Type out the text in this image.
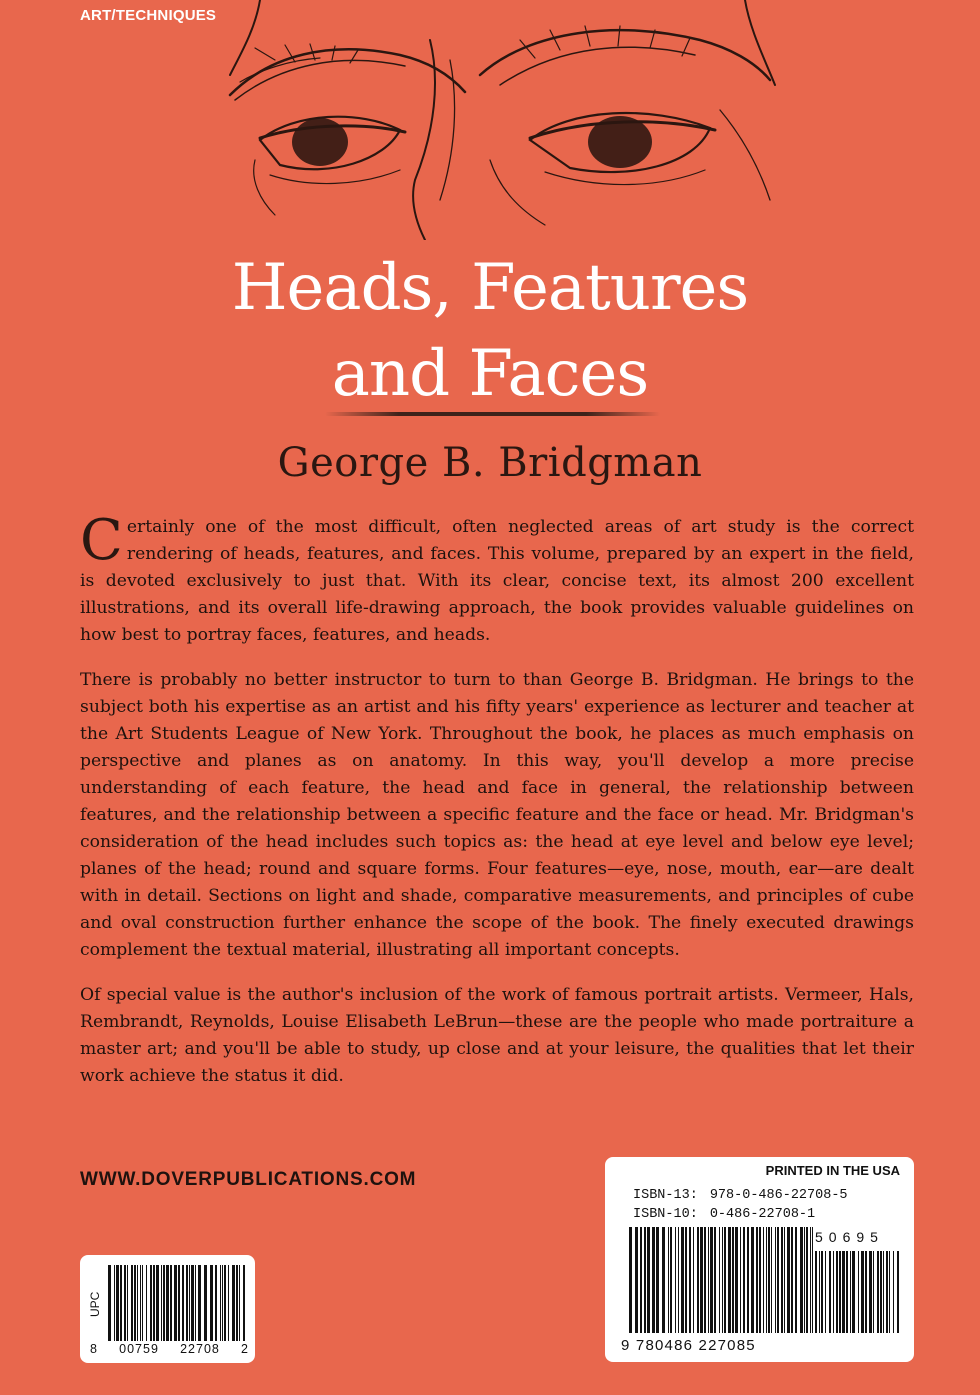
ART/TECHNIQUES
Heads, Features
and Faces
George B. Bridgman

Certainly one of the most difficult, often neglected areas of art study is the correct rendering of heads, features, and faces. This volume, prepared by an expert in the field, is devoted exclusively to just that. With its clear, concise text, its almost 200 excellent illustrations, and its overall life-drawing approach, the book provides valuable guidelines on how best to portray faces, features, and heads.

There is probably no better instructor to turn to than George B. Bridgman. He brings to the subject both his expertise as an artist and his fifty years' experience as lecturer and teacher at the Art Students League of New York. Throughout the book, he places as much emphasis on perspective and planes as on anatomy. In this way, you'll develop a more precise understanding of each feature, the head and face in general, the relationship between features, and the relationship between a specific feature and the face or head. Mr. Bridgman's consideration of the head includes such topics as: the head at eye level and below eye level; planes of the head; round and square forms. Four features—eye, nose, mouth, ear—are dealt with in detail. Sections on light and shade, comparative measurements, and principles of cube and oval construction further enhance the scope of the book. The finely executed drawings complement the textual material, illustrating all important concepts.

Of special value is the author's inclusion of the work of famous portrait artists. Vermeer, Hals, Rembrandt, Reynolds, Louise Elisabeth LeBrun—these are the people who made portraiture a master art; and you'll be able to study, up close and at your leisure, the qualities that let their work achieve the status it did.

WWW.DOVERPUBLICATIONS.COM
UPC
8 00759 22708 2
PRINTED IN THE USA
ISBN-13: 978-0-486-22708-5
ISBN-10: 0-486-22708-1
50695
9 780486 227085
